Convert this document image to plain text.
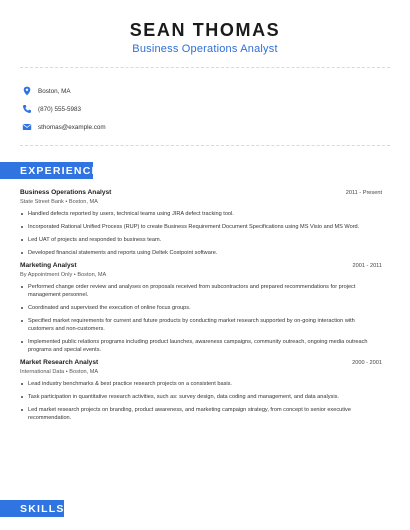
SEAN THOMAS
Business Operations Analyst
Boston, MA
(870) 555-5983
sthomas@example.com
EXPERIENCE
Business Operations Analyst	2011 - Present
State Street Bank • Boston, MA
Handled defects reported by users, technical teams using JIRA defect tracking tool.
Incorporated Rational Unified Process (RUP) to create Business Requirement Document Specifications using MS Visio and MS Word.
Led UAT of projects and responded to business team.
Developed financial statements and reports using Deltek Costpoint software.
Marketing Analyst	2001 - 2011
By Appointment Only • Boston, MA
Performed change order review and analyses on proposals received from subcontractors and prepared recommendations for project management personnel.
Coordinated and supervised the execution of online focus groups.
Specified market requirements for current and future products by conducting market research supported by on-going interaction with customers and non-customers.
Implemented public relations programs including product launches, awareness campaigns, community outreach, ongoing media outreach programs and special events.
Market Research Analyst	2000 - 2001
International Data • Boston, MA
Lead industry benchmarks & best practice research projects on a consistent basis.
Task participation in quantitative research activities, such as: survey design, data coding and management, and data analysis.
Led market research projects on branding, product awareness, and marketing campaign strategy, from concept to senior executive recommendation.
SKILLS
